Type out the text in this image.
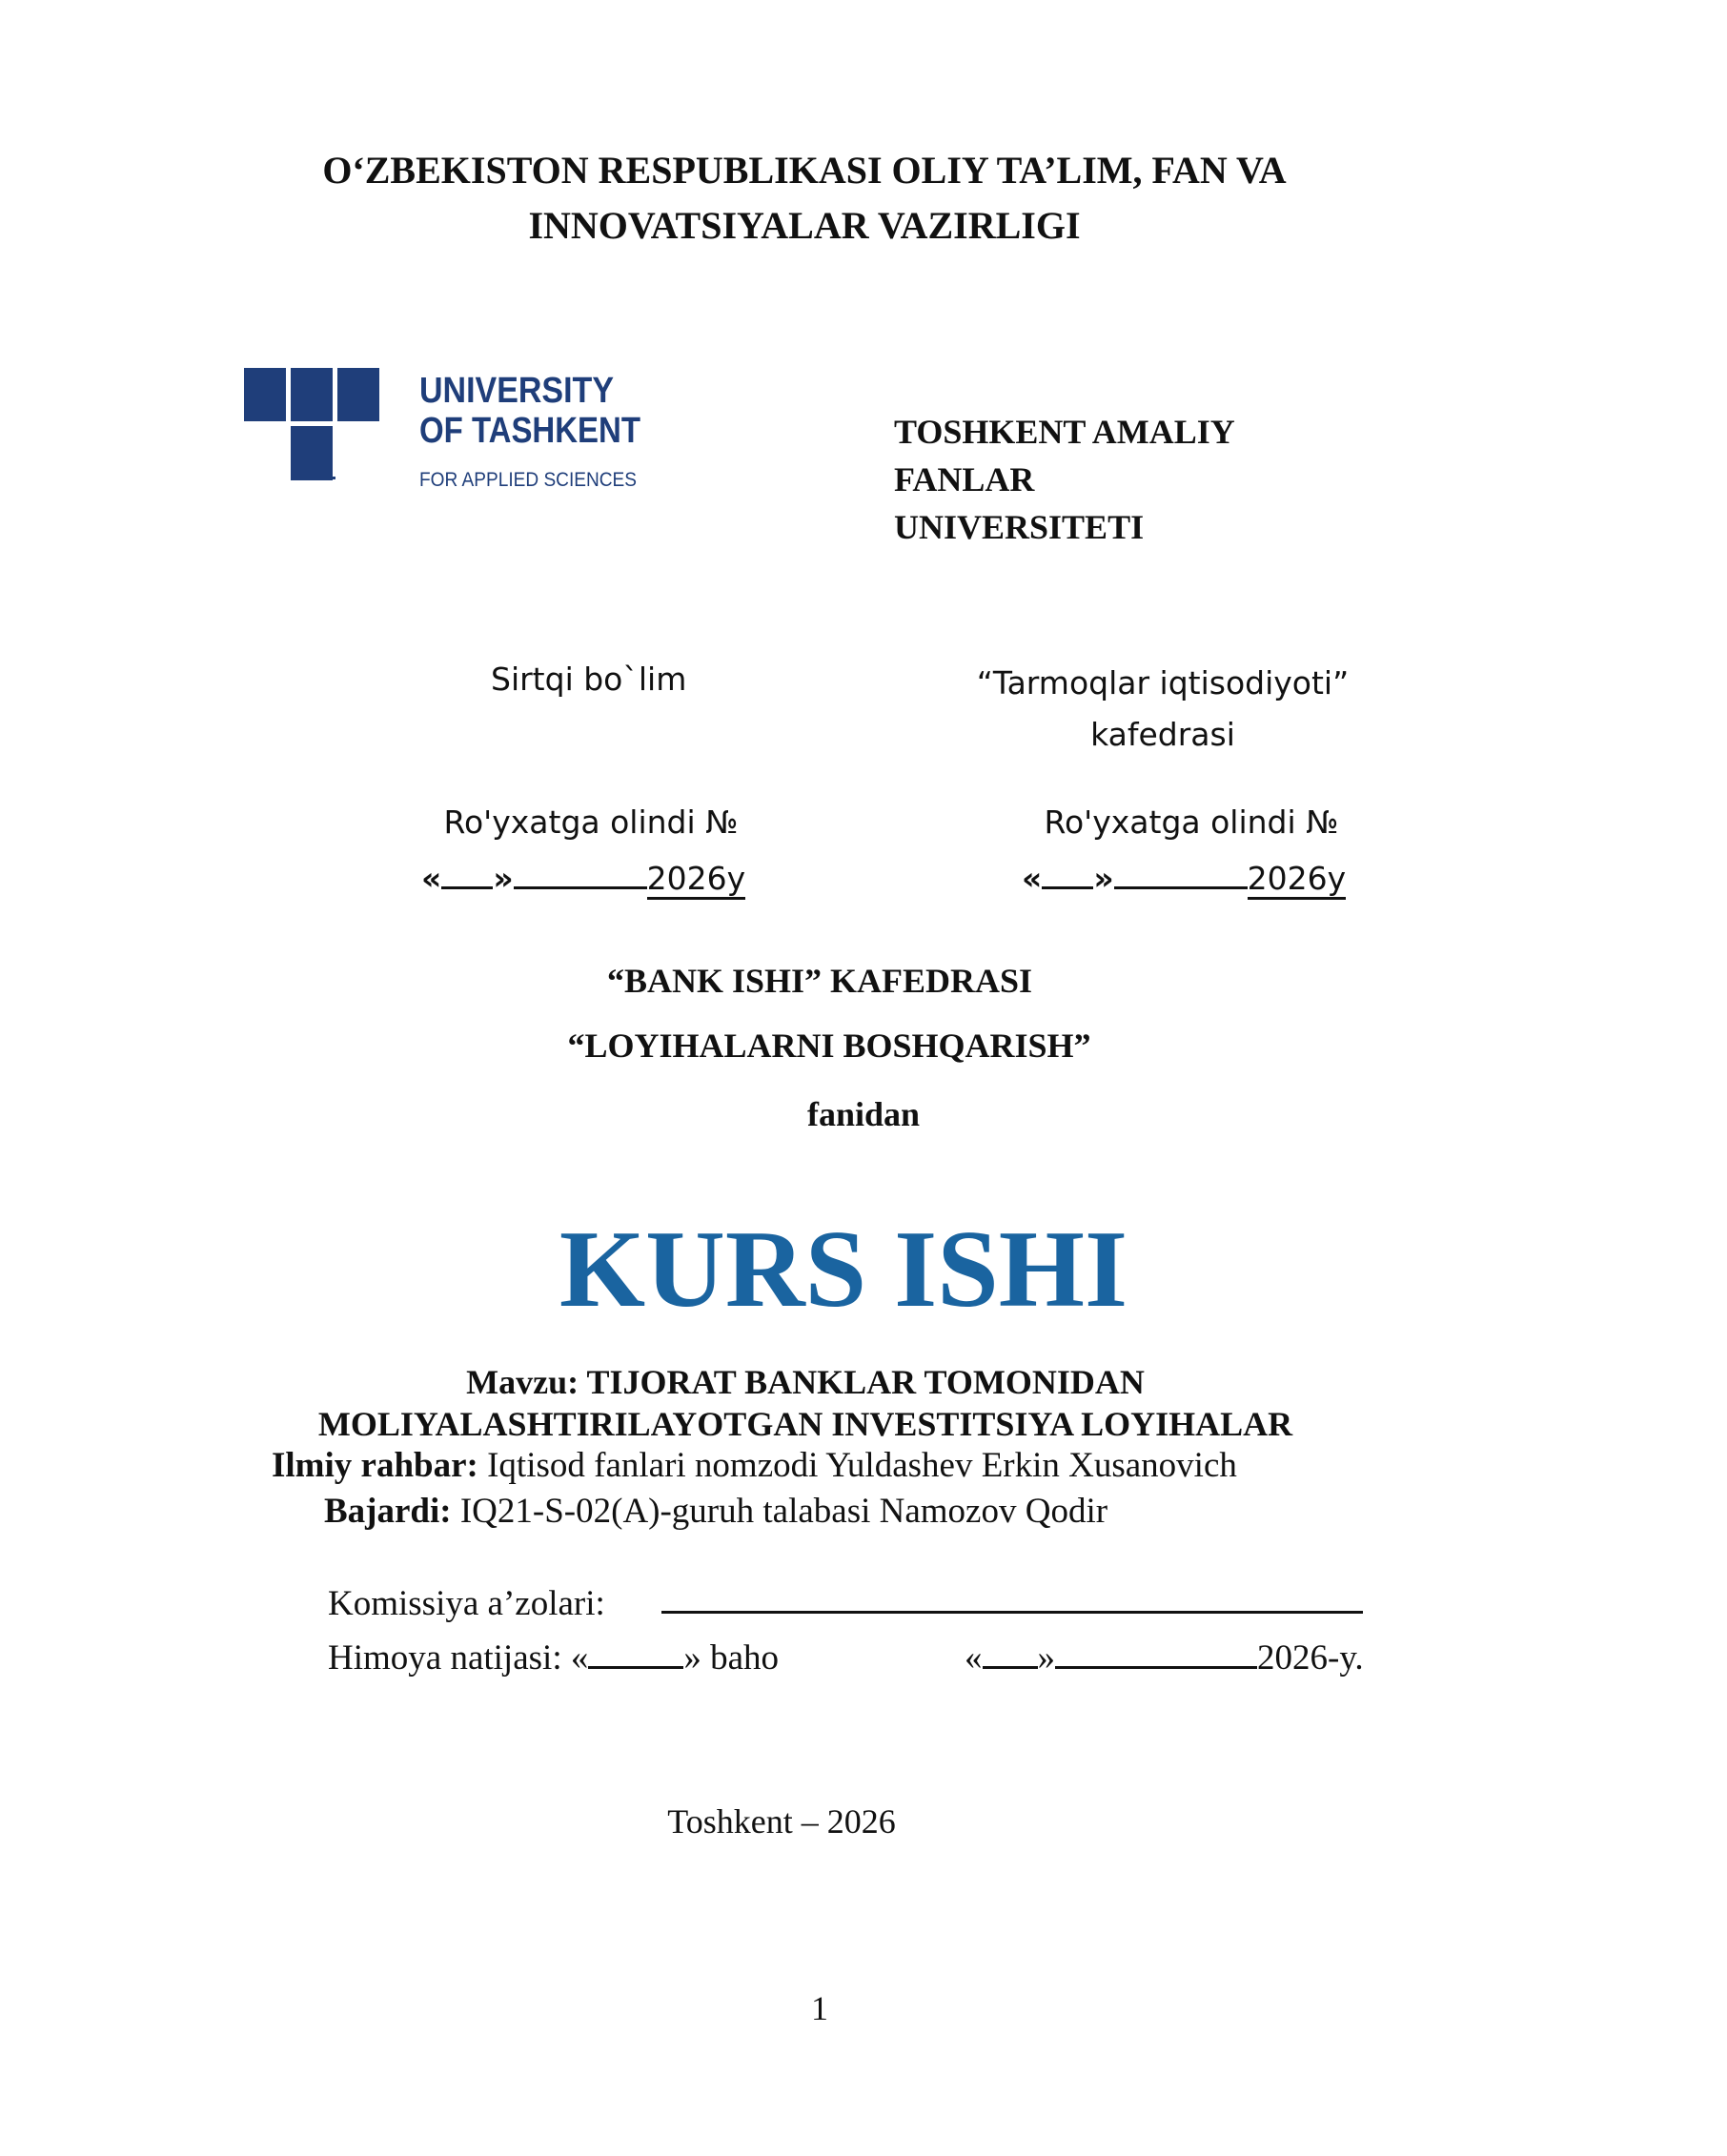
O‘ZBEKISTON RESPUBLIKASI OLIY TA’LIM, FAN VA
INNOVATSIYALAR VAZIRLIGI
UNIVERSITY
OF TASHKENT
FOR APPLIED SCIENCES
TOSHKENT AMALIY
FANLAR
UNIVERSITETI
Sirtqi bo`lim
Ro'yxatga olindi №
« »	2026y
“Tarmoqlar iqtisodiyoti”
kafedrasi
Ro'yxatga olindi №
« »	2026y
“BANK ISHI” KAFEDRASI
“LOYIHALARNI BOSHQARISH”
fanidan
KURS ISHI
Mavzu: TIJORAT BANKLAR TOMONIDAN
MOLIYALASHTIRILAYOTGAN INVESTITSIYA LOYIHALAR
Ilmiy rahbar: Iqtisod fanlari nomzodi Yuldashev Erkin Xusanovich
Bajardi: IQ21-S-02(A)-guruh talabasi Namozov Qodir
Komissiya a’zolari:
Himoya natijasi: «	» baho	« »	2026-y.
Toshkent – 2026
1
